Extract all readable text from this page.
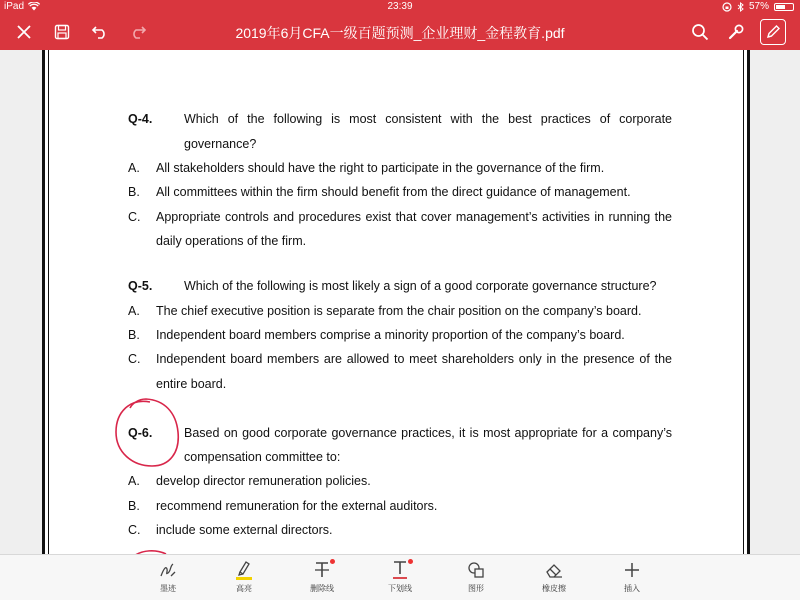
iPad	23:39	57%
2019年6月CFA一级百题预测_企业理财_金程教育.pdf
Q-4.	Which of the following is most consistent with the best practices of corporate
governance?
A. All stakeholders should have the right to participate in the governance of the firm.
B. All committees within the firm should benefit from the direct guidance of management.
C. Appropriate controls and procedures exist that cover management’s activities in running the
daily operations of the firm.
Q-5.	Which of the following is most likely a sign of a good corporate governance structure?
A. The chief executive position is separate from the chair position on the company’s board.
B. Independent board members comprise a minority proportion of the company’s board.
C. Independent board members are allowed to meet shareholders only in the presence of the
entire board.
Q-6.	Based on good corporate governance practices, it is most appropriate for a company’s
compensation committee to:
A. develop director remuneration policies.
B. recommend remuneration for the external auditors.
C. include some external directors.
墨迹	高亮	删除线	下划线	图形	橡皮擦	插入
